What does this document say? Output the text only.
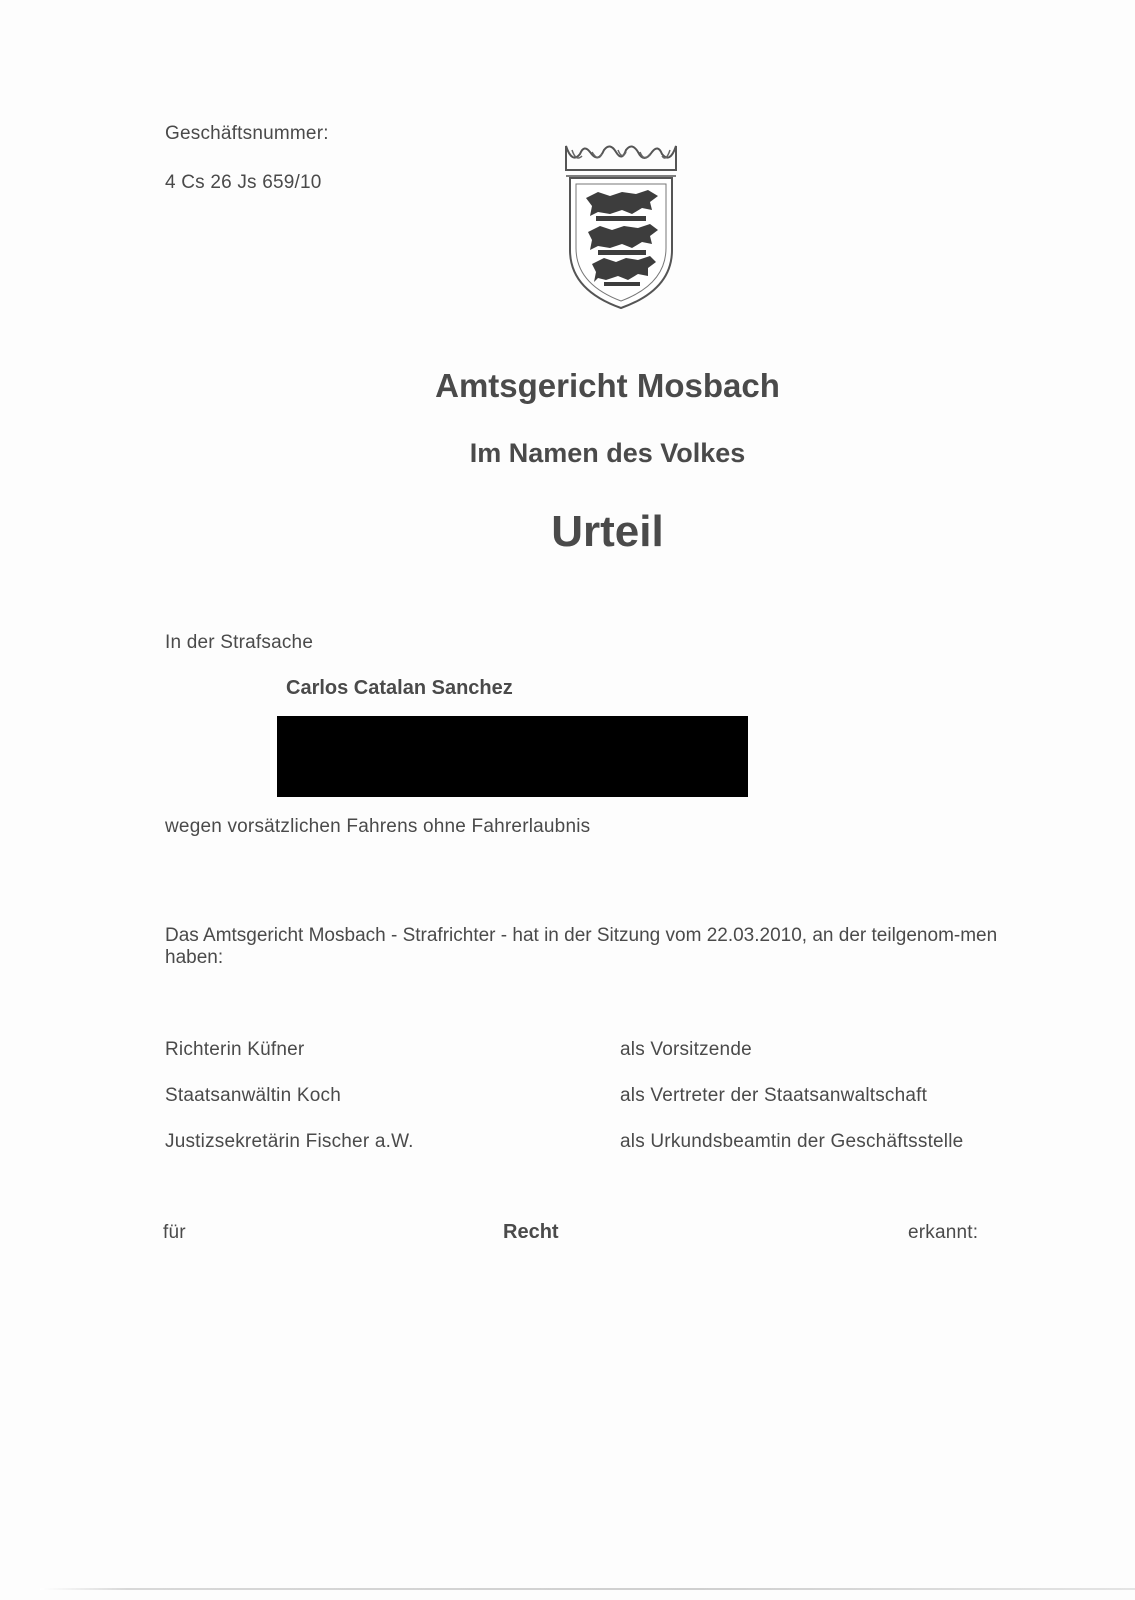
Geschäftsnummer:
4 Cs 26 Js 659/10
Amtsgericht Mosbach
Im Namen des Volkes
Urteil
In der Strafsache
Carlos Catalan Sanchez
wegen vorsätzlichen Fahrens ohne Fahrerlaubnis
Das Amtsgericht Mosbach - Strafrichter - hat in der Sitzung vom 22.03.2010, an der teilgenom-men haben:
Richterin Küfner	als Vorsitzende
Staatsanwältin Koch	als Vertreter der Staatsanwaltschaft
Justizsekretärin Fischer a.W.	als Urkundsbeamtin der Geschäftsstelle
für	Recht	erkannt:
